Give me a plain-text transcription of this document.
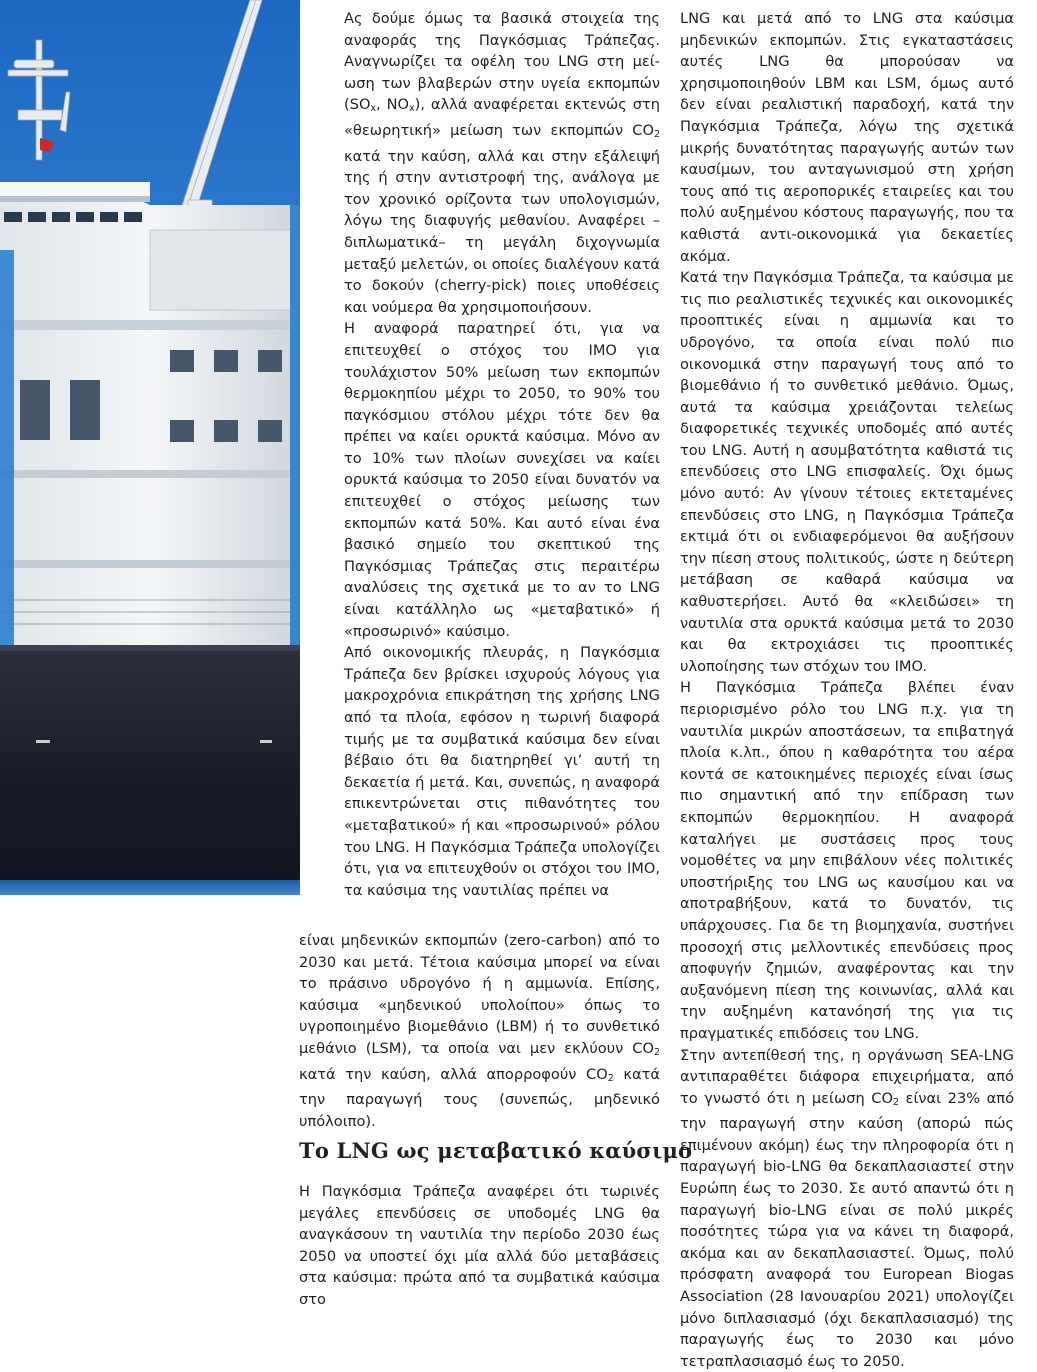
Ας δούμε όμως τα βασικά στοιχεία της αναφοράς της Παγκόσμιας Τράπεζας. Αναγνωρίζει τα οφέλη του LNG στη μείωση των βλαβερών στην υγεία εκπομπών ($SO_x$, $NO_x$), αλλά αναφέρεται εκτενώς στη «θεωρητική» μείωση των εκπομπών $CO_2$ κατά την καύση, αλλά και στην εξάλειψή της ή στην αντιστροφή της, ανάλογα με τον χρονικό ορίζοντα των υπολογισμών, λόγω της διαφυγής μεθανίου. Αναφέρει –διπλωματικά– τη μεγάλη διχογνωμία μεταξύ μελετών, οι οποίες διαλέγουν κατά το δοκούν (cherry-pick) ποιες υποθέσεις και νούμερα θα χρησιμοποιήσουν.

Η αναφορά παρατηρεί ότι, για να επιτευχθεί ο στόχος του IMO για τουλάχιστον 50% μείωση των εκπομπών θερμοκηπίου μέχρι το 2050, το 90% του παγκόσμιου στόλου μέχρι τότε δεν θα πρέπει να καίει ορυκτά καύσιμα. Μόνο αν το 10% των πλοίων συνεχίσει να καίει ορυκτά καύσιμα το 2050 είναι δυνατόν να επιτευχθεί ο στόχος μείωσης των εκπομπών κατά 50%. Και αυτό είναι ένα βασικό σημείο του σκεπτικού της Παγκόσμιας Τράπεζας στις περαιτέρω αναλύσεις της σχετικά με το αν το LNG είναι κατάλληλο ως «μεταβατικό» ή «προσωρινό» καύσιμο.

Από οικονομικής πλευράς, η Παγκόσμια Τράπεζα δεν βρίσκει ισχυρούς λόγους για μακροχρόνια επικράτηση της χρήσης LNG από τα πλοία, εφόσον η τωρινή διαφορά τιμής με τα συμβατικά καύσιμα δεν είναι βέβαιο ότι θα διατηρηθεί γι’ αυτή τη δεκαετία ή μετά. Και, συνεπώς, η αναφορά επικεντρώνεται στις πιθανότητες του «μεταβατικού» ή και «προσωρινού» ρόλου του LNG. Η Παγκόσμια Τράπεζα υπολογίζει ότι, για να επιτευχθούν οι στόχοι του IMO, τα καύσιμα της ναυτιλίας πρέπει να

είναι μηδενικών εκπομπών (zero-carbon) από το 2030 και μετά. Τέτοια καύσιμα μπορεί να είναι το πράσινο υδρογόνο ή η αμμωνία. Επίσης, καύσιμα «μηδενικού υπολοίπου» όπως το υγροποιημένο βιομεθάνιο (LBM) ή το συνθετικό μεθάνιο (LSM), τα οποία ναι μεν εκλύουν $CO_2$ κατά την καύση, αλλά απορροφούν $CO_2$ κατά την παραγωγή τους (συνεπώς, μηδενικό υπόλοιπο).

Το LNG ως μεταβατικό καύσιμο

Η Παγκόσμια Τράπεζα αναφέρει ότι τωρινές μεγάλες επενδύσεις σε υποδομές LNG θα αναγκάσουν τη ναυτιλία την περίοδο 2030 έως 2050 να υποστεί όχι μία αλλά δύο μεταβάσεις στα καύσιμα: πρώτα από τα συμβατικά καύσιμα στο

LNG και μετά από το LNG στα καύσιμα μηδενικών εκπομπών. Στις εγκαταστάσεις αυτές LNG θα μπορούσαν να χρησιμοποιηθούν LBM και LSM, όμως αυτό δεν είναι ρεαλιστική παραδοχή, κατά την Παγκόσμια Τράπεζα, λόγω της σχετικά μικρής δυνατότητας παραγωγής αυτών των καυσίμων, του ανταγωνισμού στη χρήση τους από τις αεροπορικές εταιρείες και του πολύ αυξημένου κόστους παραγωγής, που τα καθιστά αντι-οικονομικά για δεκαετίες ακόμα.

Κατά την Παγκόσμια Τράπεζα, τα καύσιμα με τις πιο ρεαλιστικές τεχνικές και οικονομικές προοπτικές είναι η αμμωνία και το υδρογόνο, τα οποία είναι πολύ πιο οικονομικά στην παραγωγή τους από το βιομεθάνιο ή το συνθετικό μεθάνιο. Όμως, αυτά τα καύσιμα χρειάζονται τελείως διαφορετικές τεχνικές υποδομές από αυτές του LNG. Αυτή η ασυμβατότητα καθιστά τις επενδύσεις στο LNG επισφαλείς. Όχι όμως μόνο αυτό: Αν γίνουν τέτοιες εκτεταμένες επενδύσεις στο LNG, η Παγκόσμια Τράπεζα εκτιμά ότι οι ενδιαφερόμενοι θα αυξήσουν την πίεση στους πολιτικούς, ώστε η δεύτερη μετάβαση σε καθαρά καύσιμα να καθυστερήσει. Αυτό θα «κλειδώσει» τη ναυτιλία στα ορυκτά καύσιμα μετά το 2030 και θα εκτροχιάσει τις προοπτικές υλοποίησης των στόχων του IMO.

Η Παγκόσμια Τράπεζα βλέπει έναν περιορισμένο ρόλο του LNG π.χ. για τη ναυτιλία μικρών αποστάσεων, τα επιβατηγά πλοία κ.λπ., όπου η καθαρότητα του αέρα κοντά σε κατοικημένες περιοχές είναι ίσως πιο σημαντική από την επίδραση των εκπομπών θερμοκηπίου. Η αναφορά καταλήγει με συστάσεις προς τους νομοθέτες να μην επιβάλουν νέες πολιτικές υποστήριξης του LNG ως καυσίμου και να αποτραβήξουν, κατά το δυνατόν, τις υπάρχουσες. Για δε τη βιομηχανία, συστήνει προσοχή στις μελλοντικές επενδύσεις προς αποφυγήν ζημιών, αναφέροντας και την αυξανόμενη πίεση της κοινωνίας, αλλά και την αυξημένη κατανόησή της για τις πραγματικές επιδόσεις του LNG.

Στην αντεπίθεσή της, η οργάνωση SEA-LNG αντιπαραθέτει διάφορα επιχειρήματα, από το γνωστό ότι η μείωση $CO_2$ είναι 23% από την παραγωγή στην καύση (απορώ πώς επιμένουν ακόμη) έως την πληροφορία ότι η παραγωγή bio-LNG θα δεκαπλασιαστεί στην Ευρώπη έως το 2030. Σε αυτό απαντώ ότι η παραγωγή bio-LNG είναι σε πολύ μικρές ποσότητες τώρα για να κάνει τη διαφορά, ακόμα και αν δεκαπλασιαστεί. Όμως, πολύ πρόσφατη αναφορά του European Biogas Association (28 Ιανουαρίου 2021) υπολογίζει μόνο διπλασιασμό (όχι δεκαπλασιασμό) της παραγωγής έως το 2030 και μόνο τετραπλασιασμό έως το 2050.
